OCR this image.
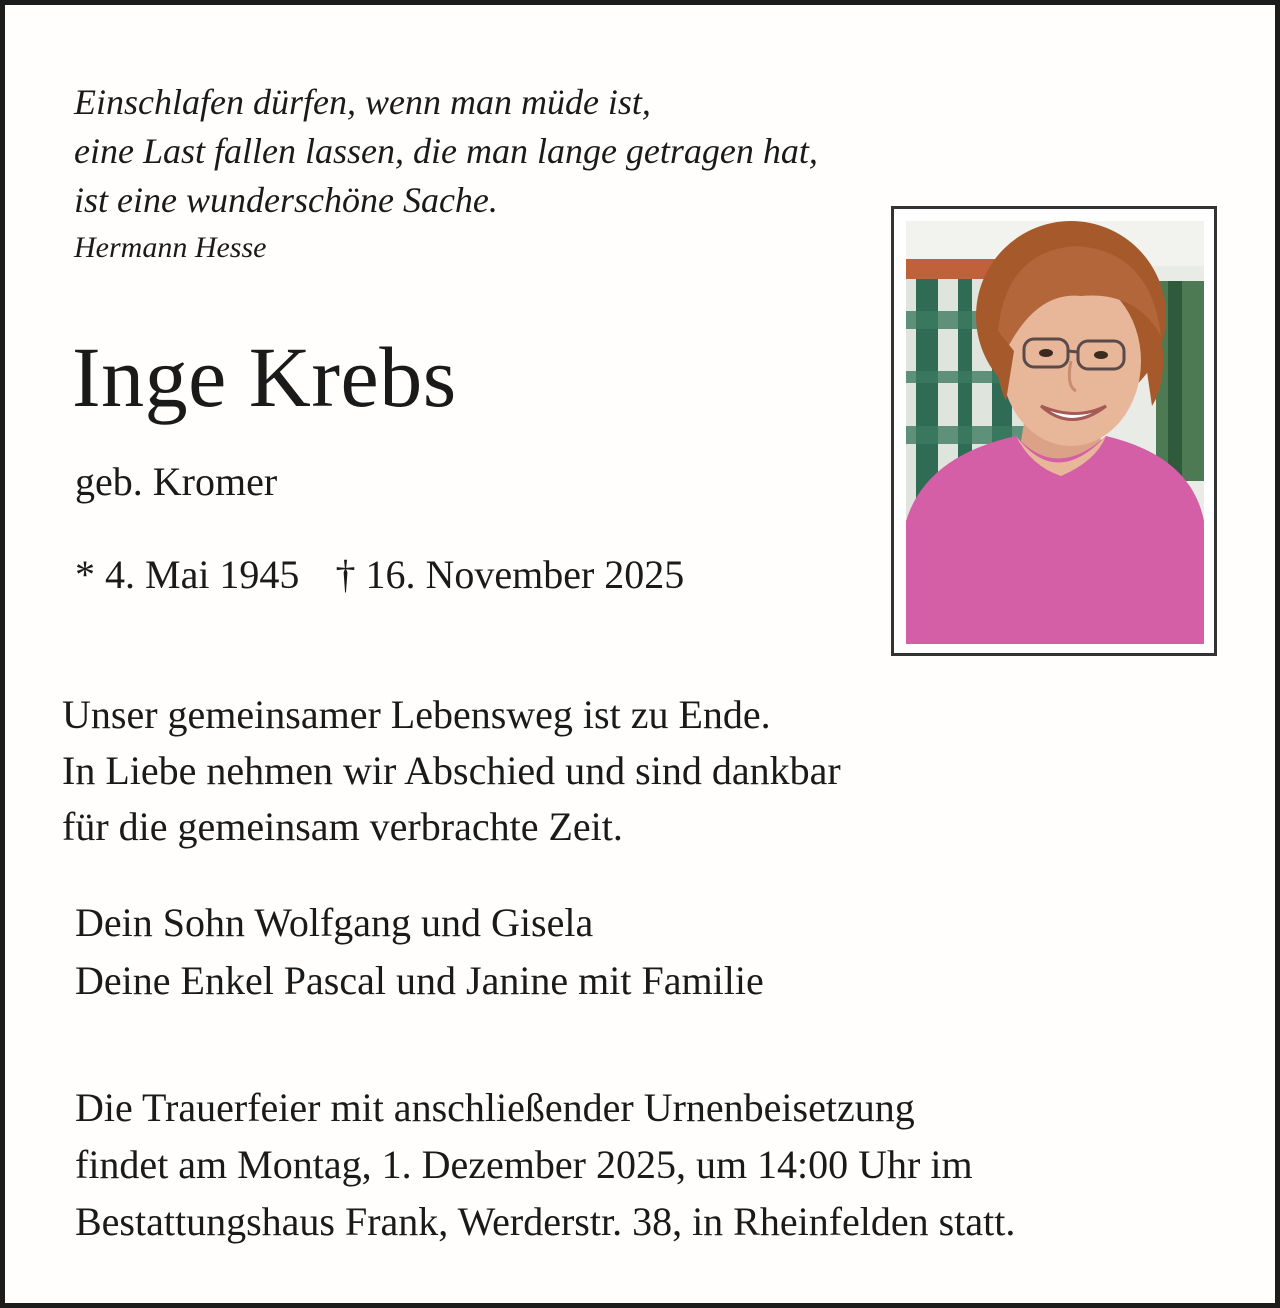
Einschlafen dürfen, wenn man müde ist,
eine Last fallen lassen, die man lange getragen hat,
ist eine wunderschöne Sache.
Hermann Hesse
Inge Krebs
geb. Kromer
* 4. Mai 1945 † 16. November 2025
Unser gemeinsamer Lebensweg ist zu Ende.
In Liebe nehmen wir Abschied und sind dankbar
für die gemeinsam verbrachte Zeit.
Dein Sohn Wolfgang und Gisela
Deine Enkel Pascal und Janine mit Familie
Die Trauerfeier mit anschließender Urnenbeisetzung
findet am Montag, 1. Dezember 2025, um 14:00 Uhr im
Bestattungshaus Frank, Werderstr. 38, in Rheinfelden statt.
